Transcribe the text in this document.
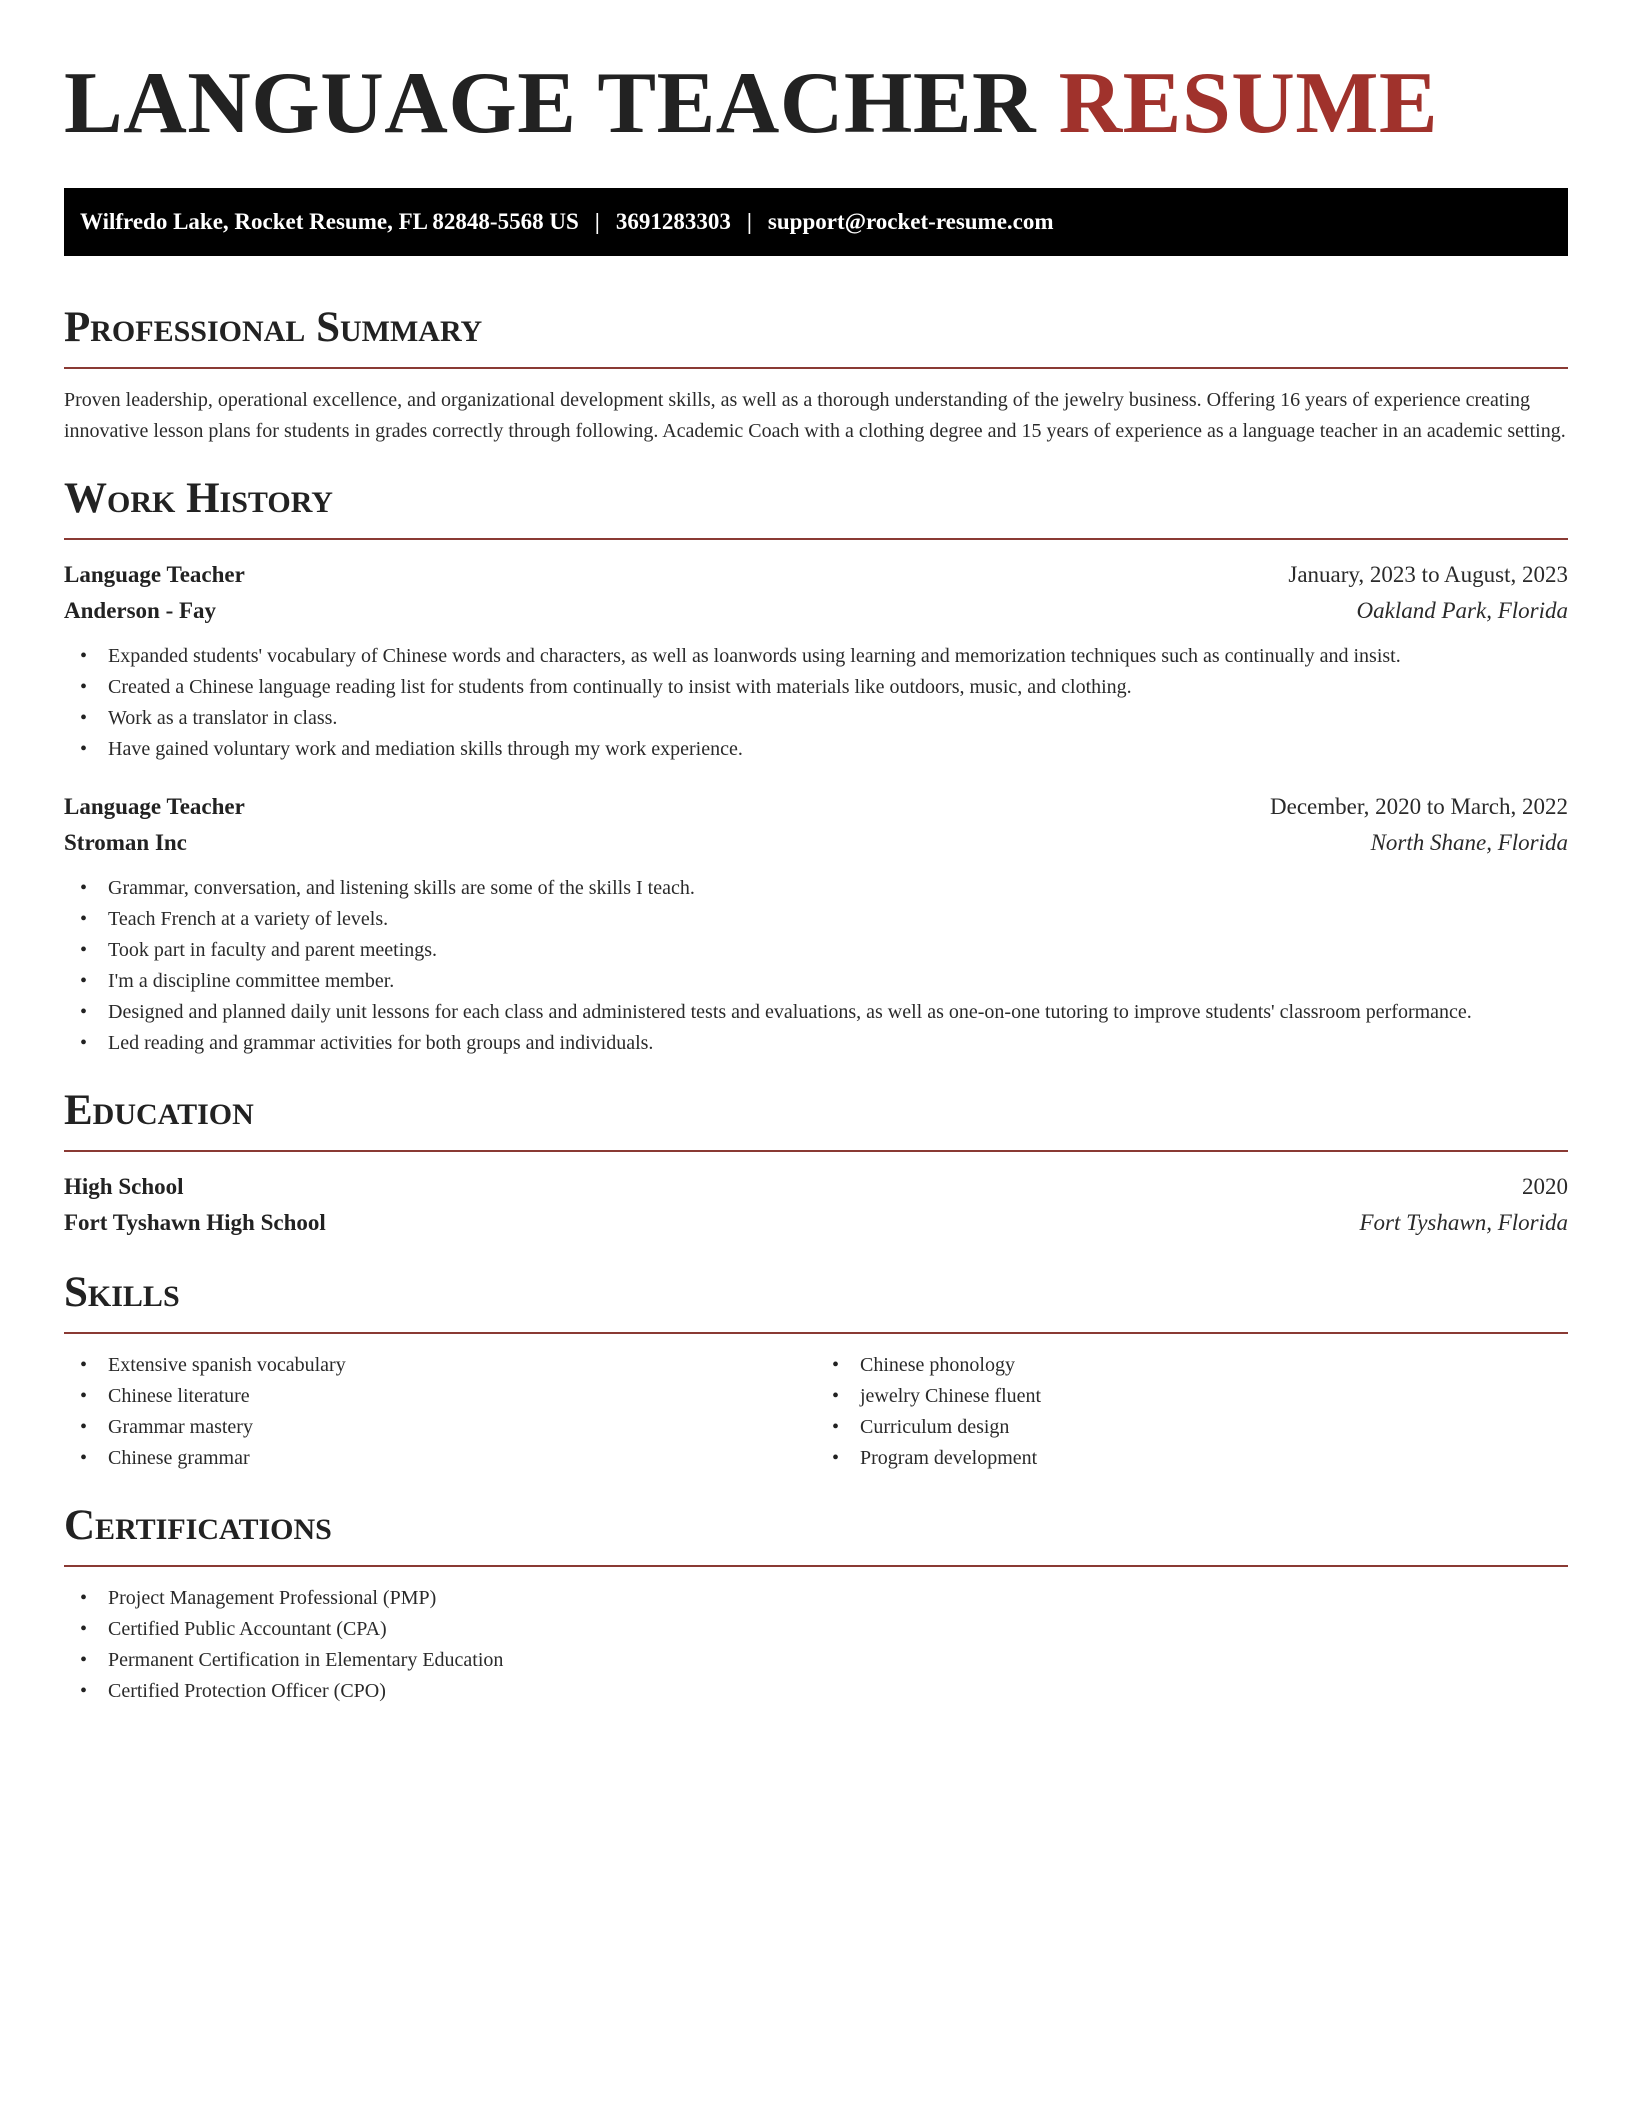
LANGUAGE TEACHER RESUME
Wilfredo Lake, Rocket Resume, FL 82848-5568 US | 3691283303 | support@rocket-resume.com
Professional Summary

Proven leadership, operational excellence, and organizational development skills, as well as a thorough understanding of the jewelry business. Offering 16 years of experience creating innovative lesson plans for students in grades correctly through following. Academic Coach with a clothing degree and 15 years of experience as a language teacher in an academic setting.

Work History
Language Teacher	January, 2023 to August, 2023
Anderson - Fay	Oakland Park, Florida
• Expanded students' vocabulary of Chinese words and characters, as well as loanwords using learning and memorization techniques such as continually and insist.
• Created a Chinese language reading list for students from continually to insist with materials like outdoors, music, and clothing.
• Work as a translator in class.
• Have gained voluntary work and mediation skills through my work experience.
Language Teacher	December, 2020 to March, 2022
Stroman Inc	North Shane, Florida
• Grammar, conversation, and listening skills are some of the skills I teach.
• Teach French at a variety of levels.
• Took part in faculty and parent meetings.
• I'm a discipline committee member.
• Designed and planned daily unit lessons for each class and administered tests and evaluations, as well as one-on-one tutoring to improve students' classroom performance.
• Led reading and grammar activities for both groups and individuals.
Education
High School	2020
Fort Tyshawn High School	Fort Tyshawn, Florida
Skills
• Extensive spanish vocabulary
• Chinese literature
• Grammar mastery
• Chinese grammar
• Chinese phonology
• jewelry Chinese fluent
• Curriculum design
• Program development
Certifications
• Project Management Professional (PMP)
• Certified Public Accountant (CPA)
• Permanent Certification in Elementary Education
• Certified Protection Officer (CPO)
